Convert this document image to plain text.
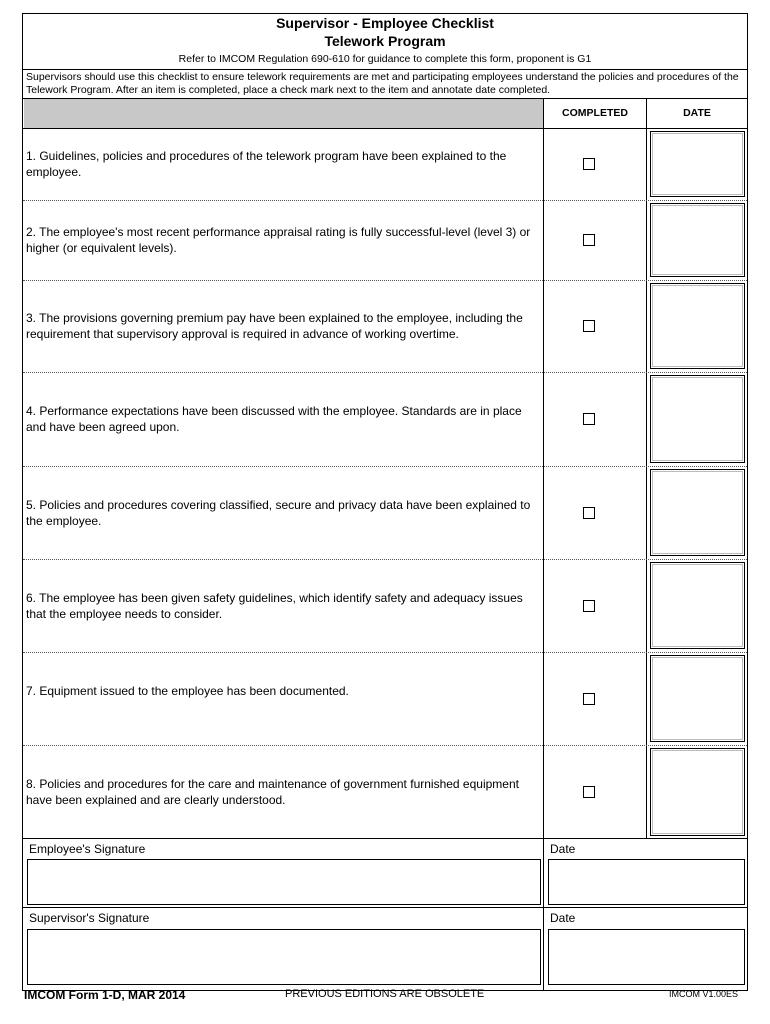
Supervisor - Employee Checklist
Telework Program
Refer to IMCOM Regulation 690-610 for guidance to complete this form, proponent is G1
Supervisors should use this checklist to ensure telework requirements are met and participating employees understand the policies and procedures of the Telework Program. After an item is completed, place a check mark next to the item and annotate date completed.
COMPLETED	DATE
1. Guidelines, policies and procedures of the telework program have been explained to the employee.
2. The employee's most recent performance appraisal rating is fully successful-level (level 3) or higher (or equivalent levels).
3. The provisions governing premium pay have been explained to the employee, including the requirement that supervisory approval is required in advance of working overtime.
4. Performance expectations have been discussed with the employee. Standards are in place and have been agreed upon.
5. Policies and procedures covering classified, secure and privacy data have been explained to the employee.
6. The employee has been given safety guidelines, which identify safety and adequacy issues that the employee needs to consider.
7. Equipment issued to the employee has been documented.
8. Policies and procedures for the care and maintenance of government furnished equipment have been explained and are clearly understood.
Employee's Signature	Date
Supervisor's Signature	Date
IMCOM Form 1-D, MAR 2014	PREVIOUS EDITIONS ARE OBSOLETE	IMCOM V1.00ES
